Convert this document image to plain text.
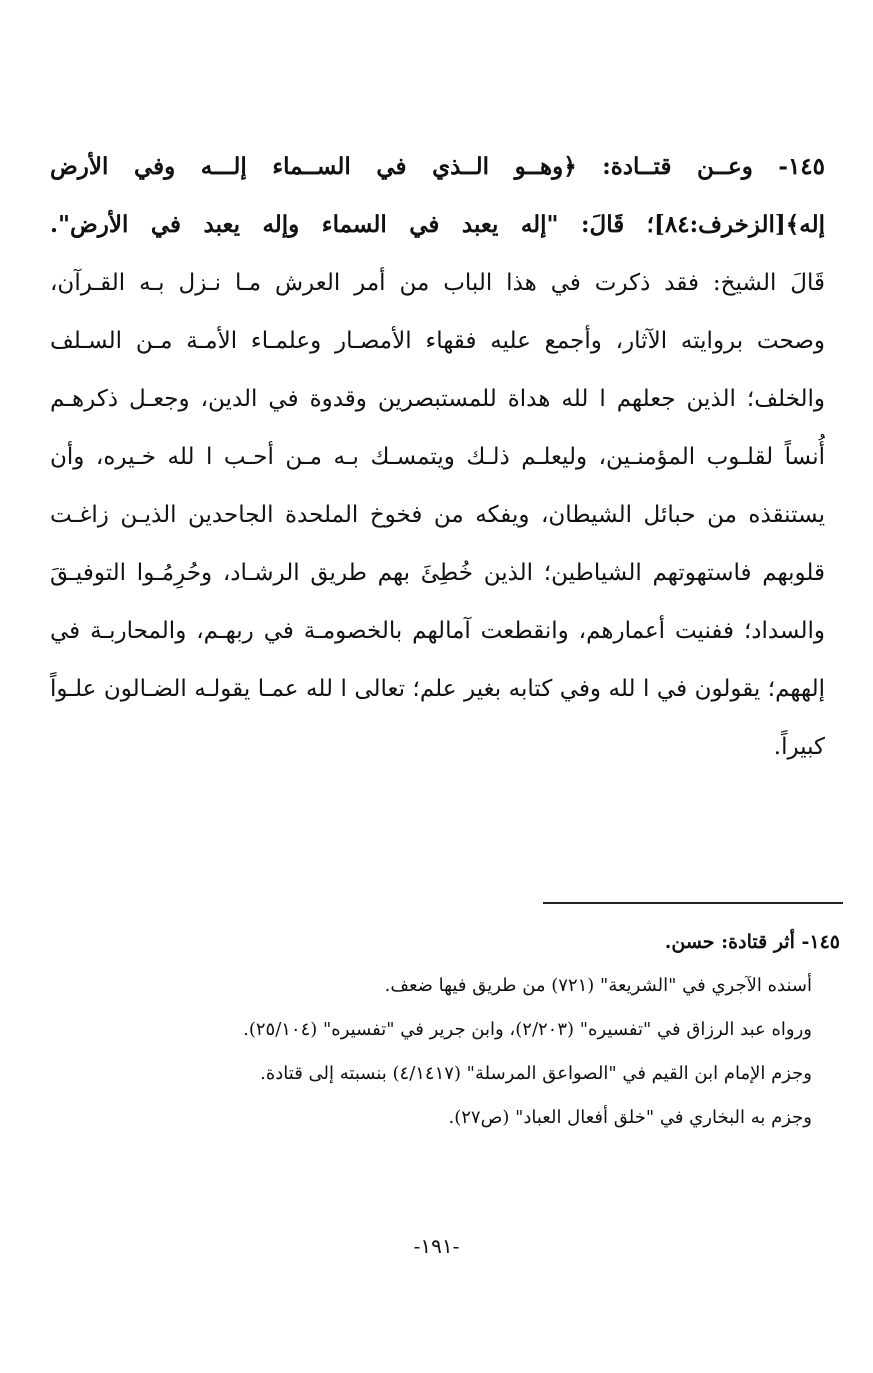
١٤٥- وعــن قتــادة: ﴿وهــو الــذي في الســماء إلـــه وفي الأرض
إله﴾[الزخرف:٨٤]؛ قَالَ: "إله يعبد في السماء وإله يعبد في الأرض".
قَالَ الشيخ: فقد ذكرت في هذا الباب من أمر العرش مـا نـزل بـه القـرآن،
وصحت بروايته الآثار، وأجمع عليه فقهاء الأمصـار وعلمـاء الأمـة مـن السـلف
والخلف؛ الذين جعلهم ا لله هداة للمستبصرين وقدوة في الدين، وجعـل ذكرهـم
أُنساً لقلـوب المؤمنـين، وليعلـم ذلـك ويتمسـك بـه مـن أحـب ا لله خـيره، وأن
يستنقذه من حبائل الشيطان، ويفكه من فخوخ الملحدة الجاحدين الذيـن زاغـت
قلوبهم فاستهوتهم الشياطين؛ الذين خُطِئَ بهم طريق الرشـاد، وحُرِمُـوا التوفيـقَ
والسداد؛ ففنيت أعمارهم، وانقطعت آمالهم بالخصومـة في ربهـم، والمحاربـة في
إلههم؛ يقولون في ا لله وفي كتابه بغير علم؛ تعالى ا لله عمـا يقولـه الضـالون علـواً
كبيراً.
١٤٥- أثر قتادة: حسن.
أسنده الآجري في "الشريعة" (٧٢١) من طريق فيها ضعف.
ورواه عبد الرزاق في "تفسيره" (٢/٢٠٣)، وابن جرير في "تفسيره" (٢٥/١٠٤).
وجزم الإمام ابن القيم في "الصواعق المرسلة" (٤/١٤١٧) بنسبته إلى قتادة.
وجزم به البخاري في "خلق أفعال العباد" (ص٢٧).
-١٩١-
